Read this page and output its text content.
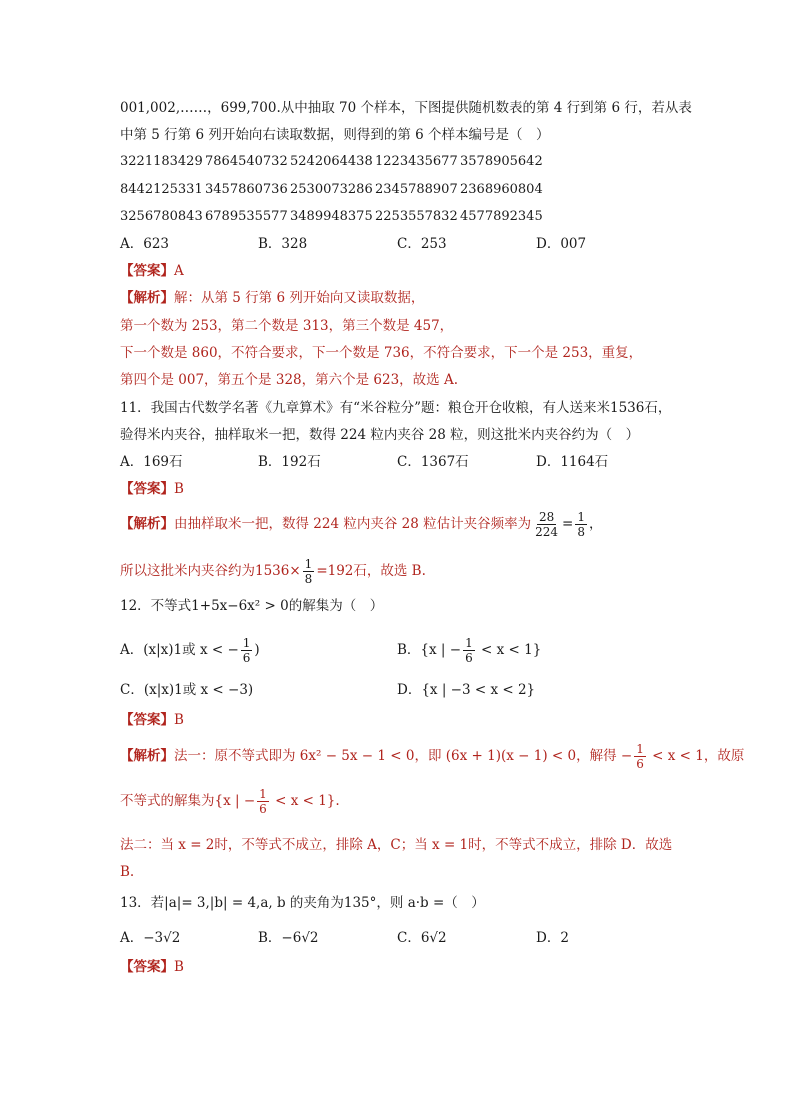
001,002,……，699,700.从中抽取 70 个样本，下图提供随机数表的第 4 行到第 6 行，若从表
中第 5 行第 6 列开始向右读取数据，则得到的第 6 个样本编号是（　）
3221183429 7864540732 5242064438 1223435677 3578905642
8442125331 3457860736 2530073286 2345788907 2368960804
3256780843 6789535577 3489948375 2253557832 4577892345
A．623	B．328	C．253	D．007
【答案】A
【解析】解：从第 5 行第 6 列开始向又读取数据，
第一个数为 253，第二个数是 313，第三个数是 457，
下一个数是 860，不符合要求，下一个数是 736，不符合要求，下一个是 253，重复，
第四个是 007，第五个是 328，第六个是 623，故选 A.
11．我国古代数学名著《九章算术》有“米谷粒分”题：粮仓开仓收粮，有人送来米1536石，
验得米内夹谷，抽样取米一把，数得 224 粒内夹谷 28 粒，则这批米内夹谷约为（　）
A．169石	B．192石	C．1367石	D．1164石
【答案】B
【解析】由抽样取米一把，数得 224 粒内夹谷 28 粒估计夹谷频率为 $\frac{28}{224} = \frac{1}{8}$ ，
所以这批米内夹谷约为$1536\times \frac{1}{8} =192$石，故选 B.
12．不等式1+5x−6x² > 0的解集为（　）
A．(x|x)1或 x < − $\frac{1}{6}$ )	B．{x | − $\frac{1}{6} < x < 1$}
C．(x|x)1或 x < −3)	D．{x | −3 < x < 2}
【答案】B
【解析】法一：原不等式即为 6x² − 5x − 1 < 0，即 (6x + 1)(x − 1) < 0，解得 − $\frac{1}{6} < x < 1$，故原
不等式的解集为{x | − $\frac{1}{6} < x < 1$}.
法二：当 x = 2时，不等式不成立，排除 A，C；当 x = 1时，不等式不成立，排除 D．故选
B.
13．若|a|= 3,|b| = 4,a, b 的夹角为135°，则 a·b =（　）
A．−3√2	B．−6√2	C．6√2	D．2
【答案】B
